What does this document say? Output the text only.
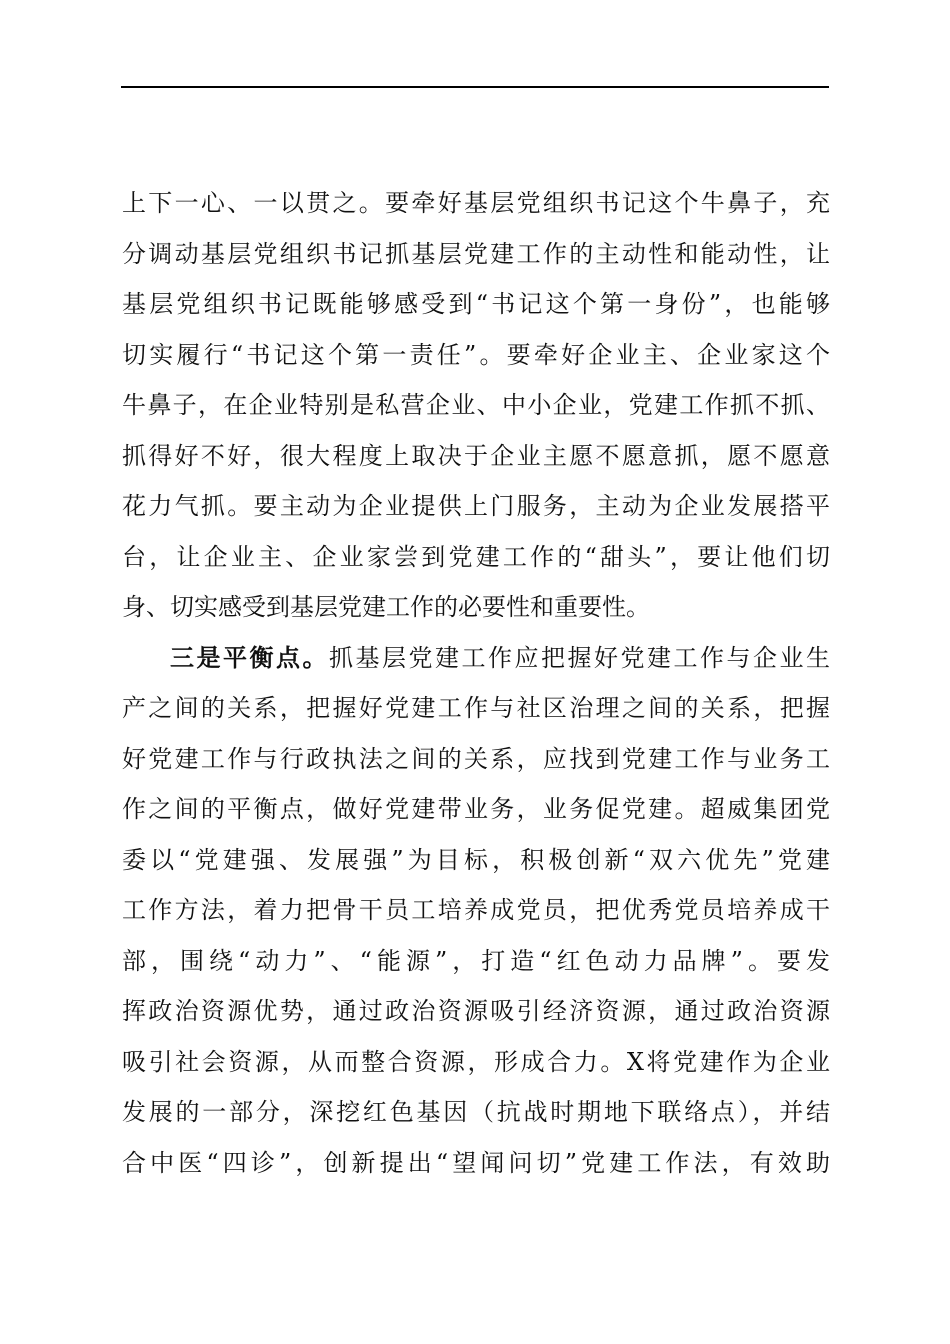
上下一心、一以贯之。要牵好基层党组织书记这个牛鼻子，充
分调动基层党组织书记抓基层党建工作的主动性和能动性，让
基层党组织书记既能够感受到“书记这个第一身份”，也能够
切实履行“书记这个第一责任”。要牵好企业主、企业家这个
牛鼻子，在企业特别是私营企业、中小企业，党建工作抓不抓、
抓得好不好，很大程度上取决于企业主愿不愿意抓，愿不愿意
花力气抓。要主动为企业提供上门服务，主动为企业发展搭平
台，让企业主、企业家尝到党建工作的“甜头”，要让他们切
身、切实感受到基层党建工作的必要性和重要性。
三是平衡点。抓基层党建工作应把握好党建工作与企业生
产之间的关系，把握好党建工作与社区治理之间的关系，把握
好党建工作与行政执法之间的关系，应找到党建工作与业务工
作之间的平衡点，做好党建带业务，业务促党建。超威集团党
委以“党建强、发展强”为目标，积极创新“双六优先”党建
工作方法，着力把骨干员工培养成党员，把优秀党员培养成干
部，围绕“动力”、“能源”，打造“红色动力品牌”。要发
挥政治资源优势，通过政治资源吸引经济资源，通过政治资源
吸引社会资源，从而整合资源，形成合力。X将党建作为企业
发展的一部分，深挖红色基因（抗战时期地下联络点），并结
合中医“四诊”，创新提出“望闻问切”党建工作法，有效助
